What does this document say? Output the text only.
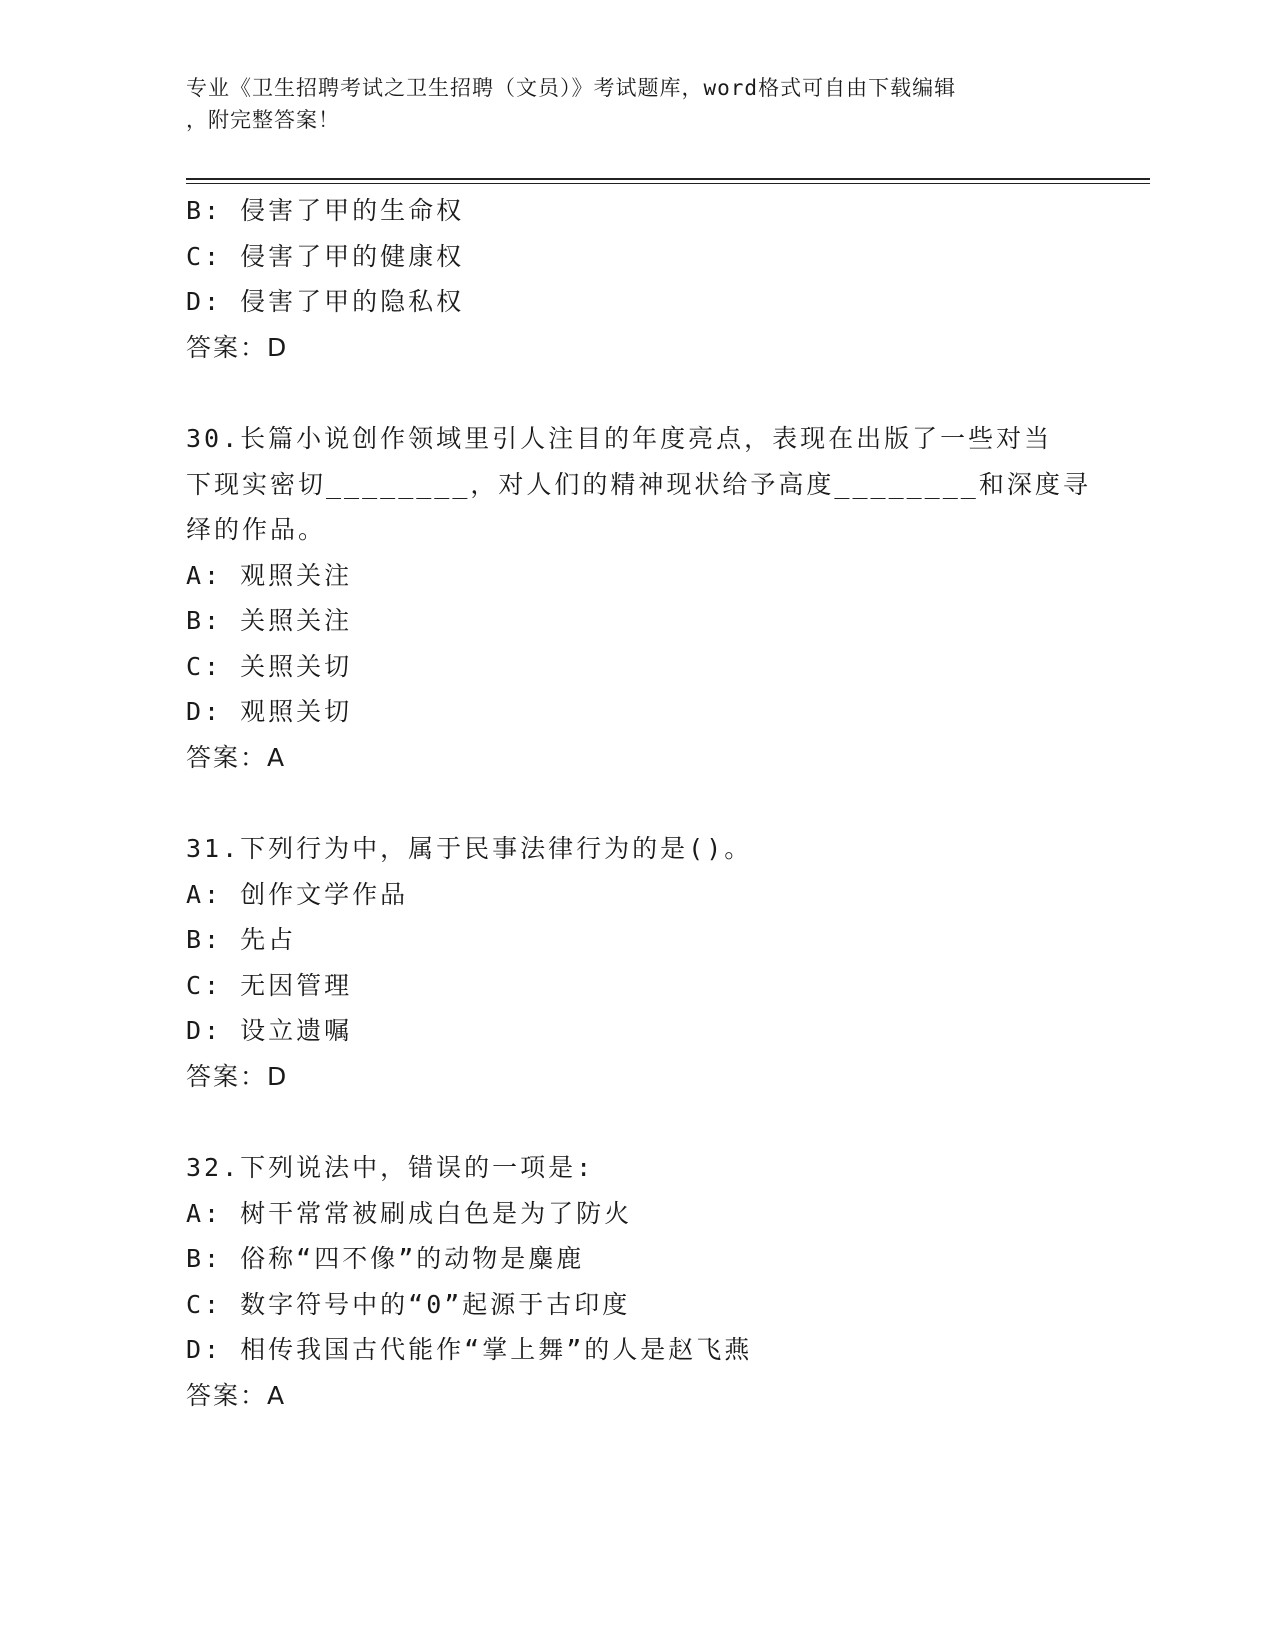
专业《卫生招聘考试之卫生招聘（文员）》考试题库，word格式可自由下载编辑
，附完整答案！
B: 侵害了甲的生命权
C: 侵害了甲的健康权
D: 侵害了甲的隐私权
答案：D
30.长篇小说创作领域里引人注目的年度亮点，表现在出版了一些对当
下现实密切________，对人们的精神现状给予高度________和深度寻
绎的作品。
A: 观照关注
B: 关照关注
C: 关照关切
D: 观照关切
答案：A
31.下列行为中，属于民事法律行为的是()。
A: 创作文学作品
B: 先占
C: 无因管理
D: 设立遗嘱
答案：D
32.下列说法中，错误的一项是:
A: 树干常常被刷成白色是为了防火
B: 俗称“四不像”的动物是麋鹿
C: 数字符号中的“0”起源于古印度
D: 相传我国古代能作“掌上舞”的人是赵飞燕
答案：A
